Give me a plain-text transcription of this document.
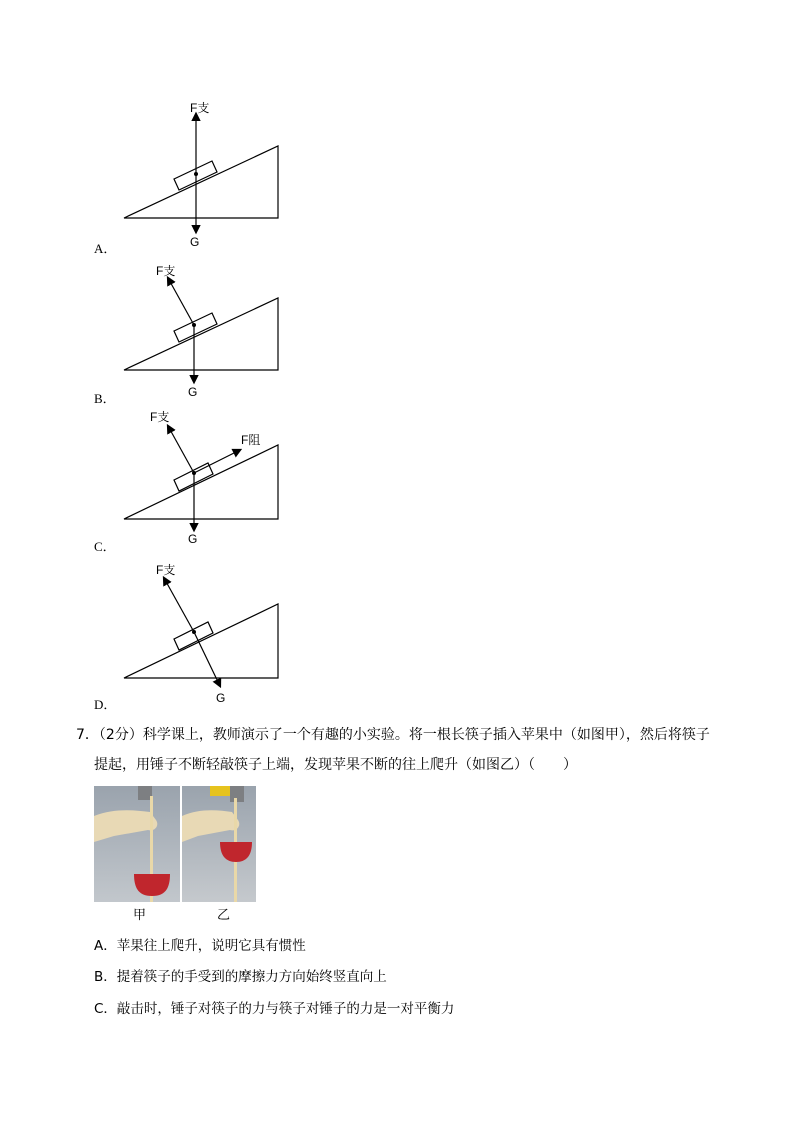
F支
G
A．
F支
G
B．
F支
F阻
G
C．
F支
G
D．
7．（2分）科学课上，教师演示了一个有趣的小实验。将一根长筷子插入苹果中（如图甲），然后将筷子
提起，用锤子不断轻敲筷子上端，发现苹果不断的往上爬升（如图乙）（　　）
甲	乙
A．苹果往上爬升，说明它具有惯性
B．提着筷子的手受到的摩擦力方向始终竖直向上
C．敲击时，锤子对筷子的力与筷子对锤子的力是一对平衡力
